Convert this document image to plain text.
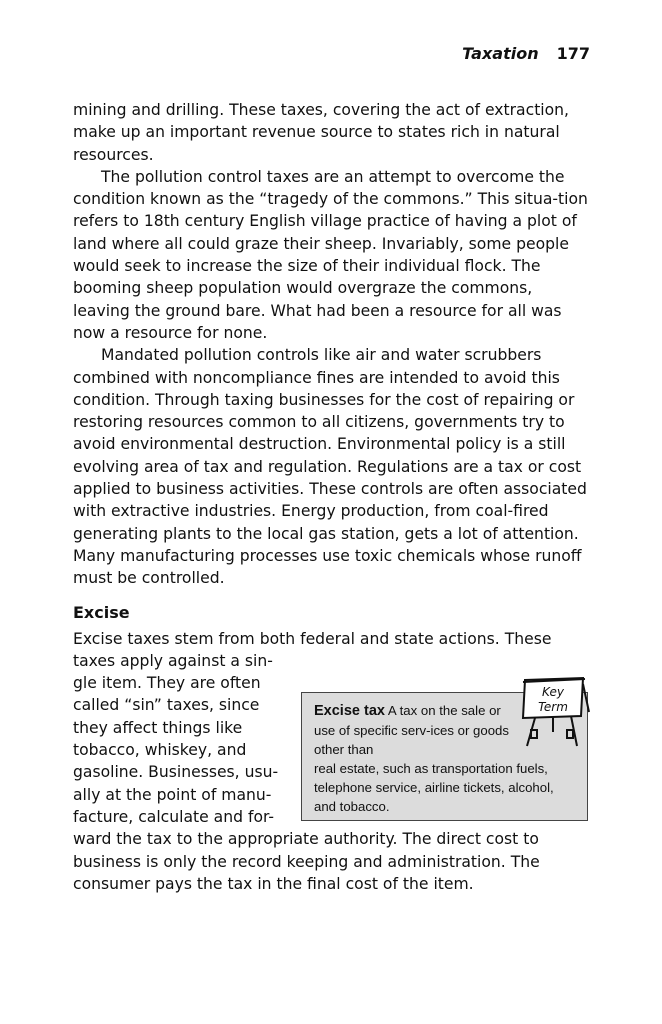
Taxation 177

mining and drilling. These taxes, covering the act of extraction, make up an important revenue source to states rich in natural resources.

The pollution control taxes are an attempt to overcome the condition known as the “tragedy of the commons.” This situa-tion refers to 18th century English village practice of having a plot of land where all could graze their sheep. Invariably, some people would seek to increase the size of their individual flock. The booming sheep population would overgraze the commons, leaving the ground bare. What had been a resource for all was now a resource for none.

Mandated pollution controls like air and water scrubbers combined with noncompliance fines are intended to avoid this condition. Through taxing businesses for the cost of repairing or restoring resources common to all citizens, governments try to avoid environmental destruction. Environmental policy is a still evolving area of tax and regulation. Regulations are a tax or cost applied to business activities. These controls are often associated with extractive industries. Energy production, from coal-fired generating plants to the local gas station, gets a lot of attention. Many manufacturing processes use toxic chemicals whose runoff must be controlled.

Excise

Excise taxes stem from both federal and state actions. These

taxes apply against a sin-gle item. They are often called “sin” taxes, since they affect things like tobacco, whiskey, and gasoline. Businesses, usu-ally at the point of manu-facture, calculate and for-

Excise tax A tax on the sale or use of specific serv-ices or goods other than
real estate, such as transportation fuels, telephone service, airline tickets, alcohol, and tobacco.
Key
Term

ward the tax to the appropriate authority. The direct cost to business is only the record keeping and administration. The consumer pays the tax in the final cost of the item.
